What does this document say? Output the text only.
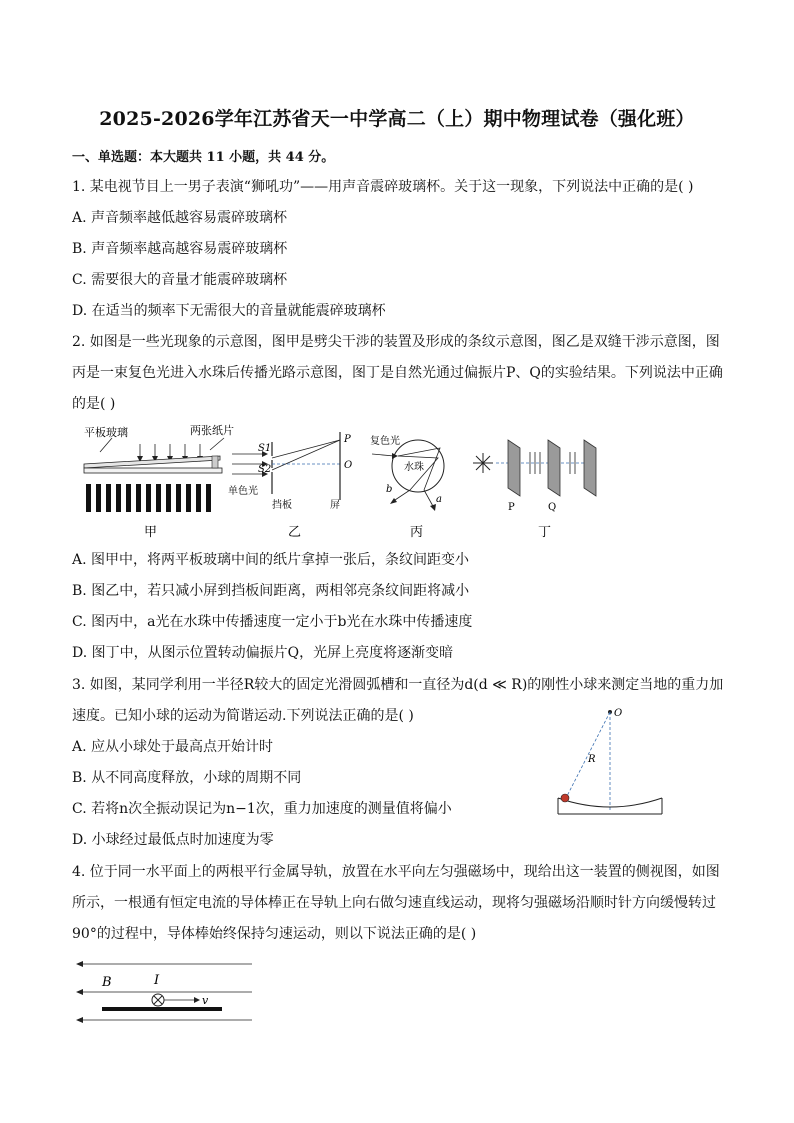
2025-2026学年江苏省天一中学高二（上）期中物理试卷（强化班）
一、单选题：本大题共 11 小题，共 44 分。
1. 某电视节目上一男子表演“狮吼功”——用声音震碎玻璃杯。关于这一现象，下列说法中正确的是( )
A. 声音频率越低越容易震碎玻璃杯
B. 声音频率越高越容易震碎玻璃杯
C. 需要很大的音量才能震碎玻璃杯
D. 在适当的频率下无需很大的音量就能震碎玻璃杯
2. 如图是一些光现象的示意图，图甲是劈尖干涉的装置及形成的条纹示意图，图乙是双缝干涉示意图，图
丙是一束复色光进入水珠后传播光路示意图，图丁是自然光通过偏振片P、Q的实验结果。下列说法中正确
的是( )
平板玻璃	两张纸片
甲
S1
S2
P
O
单色光
挡板	屏
乙
复色光
水珠
b
a
丙
P	Q
丁
A. 图甲中，将两平板玻璃中间的纸片拿掉一张后，条纹间距变小
B. 图乙中，若只减小屏到挡板间距离，两相邻亮条纹间距将减小
C. 图丙中，a光在水珠中传播速度一定小于b光在水珠中传播速度
D. 图丁中，从图示位置转动偏振片Q，光屏上亮度将逐渐变暗
3. 如图，某同学利用一半径R较大的固定光滑圆弧槽和一直径为d(d ≪ R)的刚性小球来测定当地的重力加
速度。已知小球的运动为简谐运动.下列说法正确的是( )
A. 应从小球处于最高点开始计时
B. 从不同高度释放，小球的周期不同
C. 若将n次全振动误记为n−1次，重力加速度的测量值将偏小
D. 小球经过最低点时加速度为零
O
R
4. 位于同一水平面上的两根平行金属导轨，放置在水平向左匀强磁场中，现给出这一装置的侧视图，如图
所示，一根通有恒定电流的导体棒正在导轨上向右做匀速直线运动，现将匀强磁场沿顺时针方向缓慢转过
90°的过程中，导体棒始终保持匀速运动，则以下说法正确的是( )
B	I
v
